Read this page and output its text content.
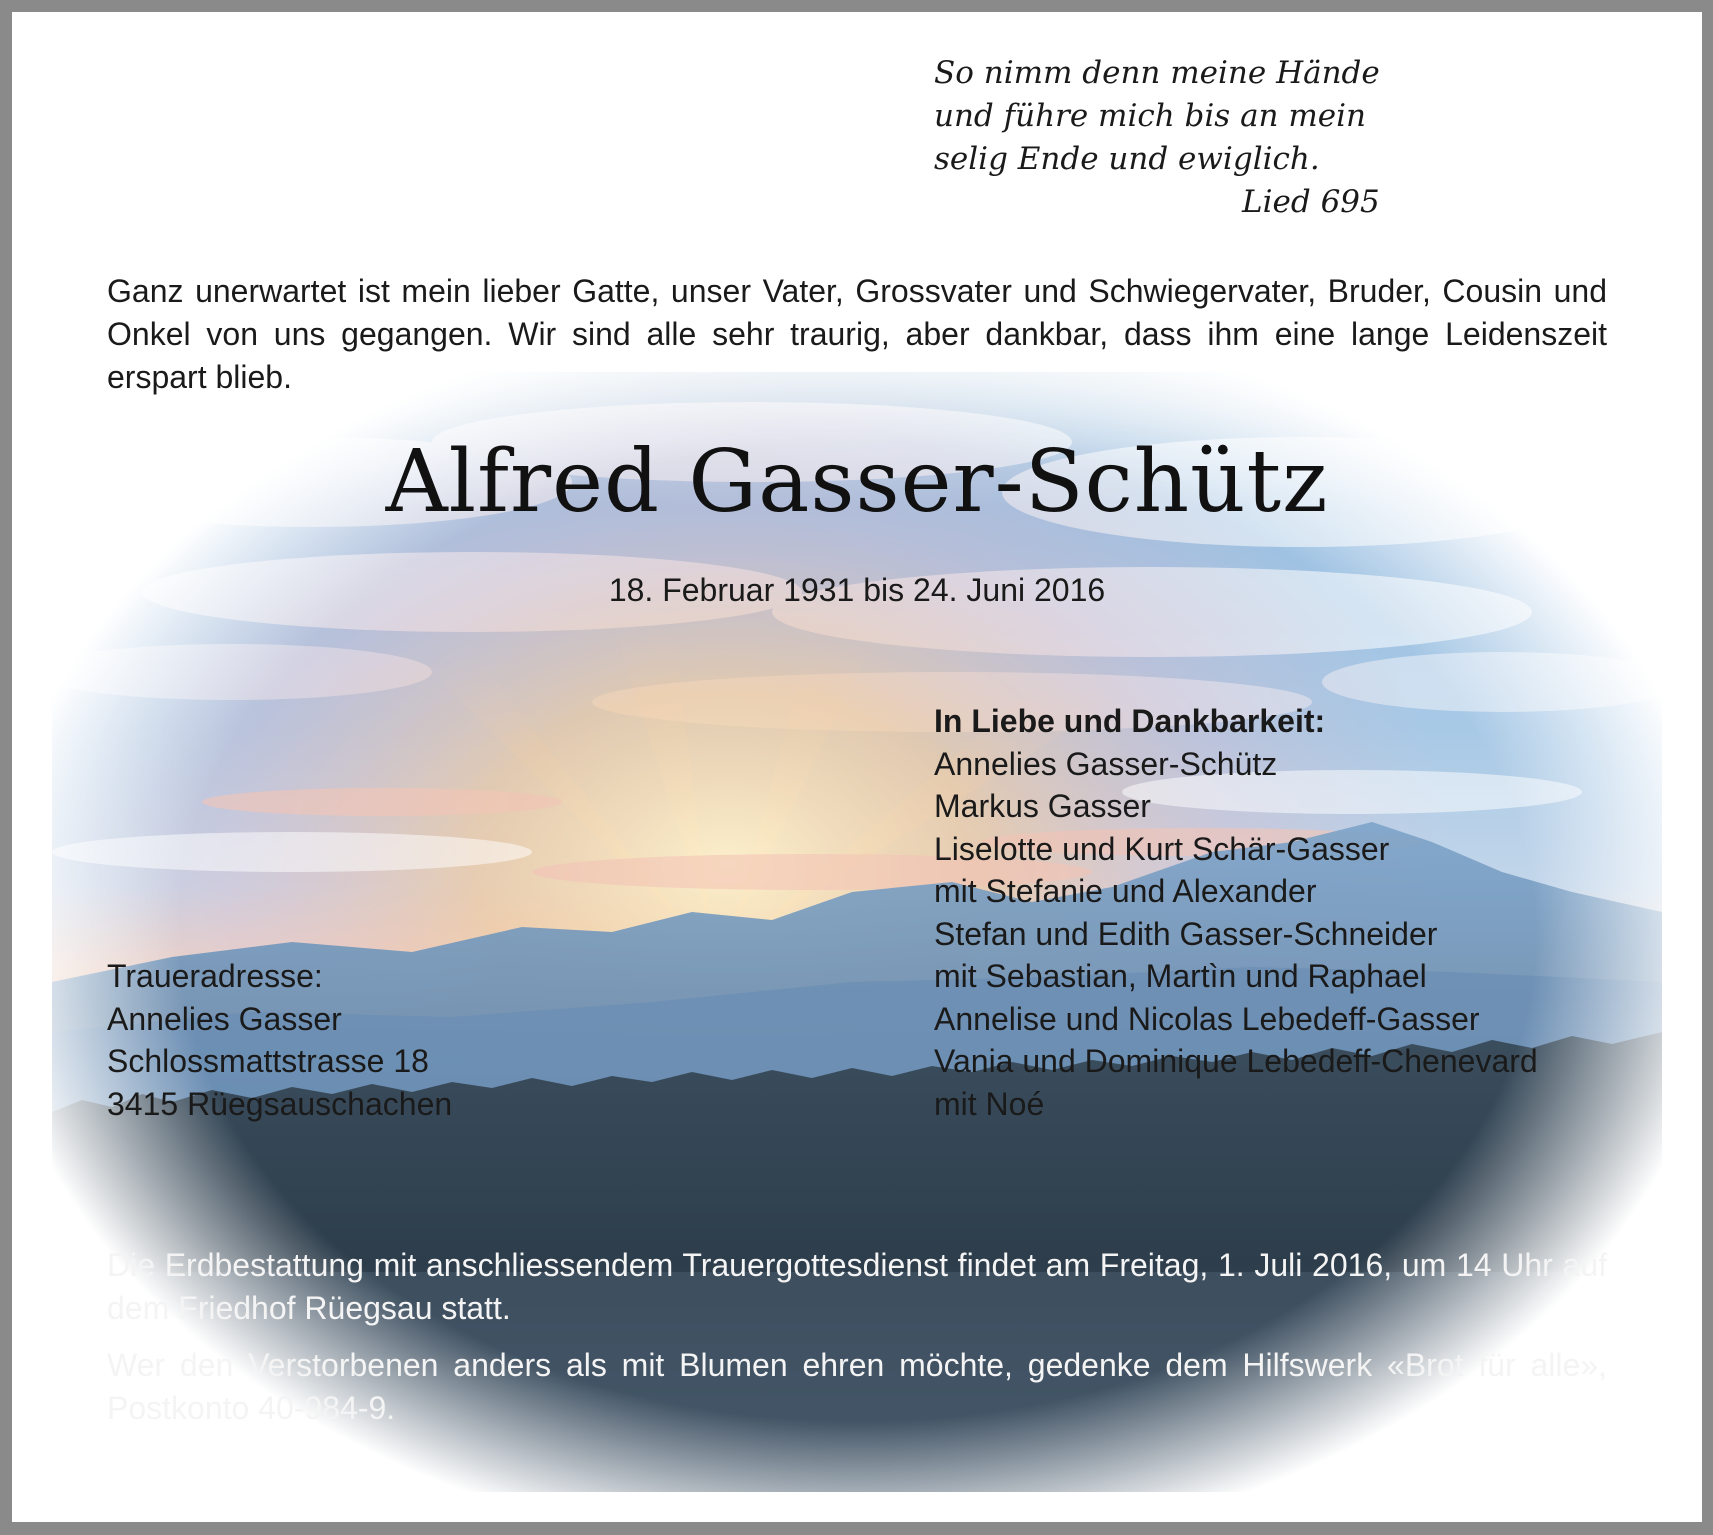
So nimm denn meine Hände
und führe mich bis an mein
selig Ende und ewiglich.
Lied 695
Ganz unerwartet ist mein lieber Gatte, unser Vater, Grossvater und Schwiegervater, Bruder, Cousin und Onkel von uns gegangen. Wir sind alle sehr traurig, aber dankbar, dass ihm eine lange Leidenszeit erspart blieb.
Alfred Gasser-Schütz
18. Februar 1931 bis 24. Juni 2016
In Liebe und Dankbarkeit:
Annelies Gasser-Schütz
Markus Gasser
Liselotte und Kurt Schär-Gasser
mit Stefanie und Alexander
Stefan und Edith Gasser-Schneider
mit Sebastian, Martìn und Raphael
Annelise und Nicolas Lebedeff-Gasser
Vania und Dominique Lebedeff-Chenevard
mit Noé
Traueradresse:
Annelies Gasser
Schlossmattstrasse 18
3415 Rüegsauschachen
Die Erdbestattung mit anschliessendem Trauergottesdienst findet am Freitag, 1. Juli 2016, um 14 Uhr auf dem Friedhof Rüegsau statt.
Wer den Verstorbenen anders als mit Blumen ehren möchte, gedenke dem Hilfswerk «Brot für alle», Postkonto 40-984-9.
